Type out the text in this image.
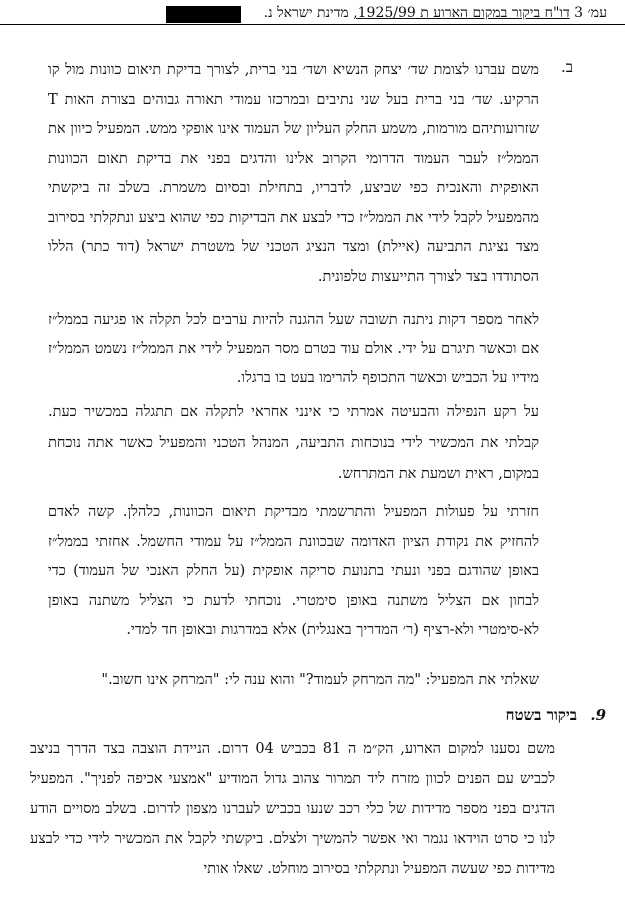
עמ׳ 3 דו"ח ביקור במקום הארוע ת 1925/99, מדינת ישראל נ.
ב.
משם עברנו לצומת שד׳ יצחק הנשיא ושד׳ בני ברית, לצורך בדיקת תיאום כוונות מול קו הרקיע. שד׳ בני ברית בעל שני נתיבים ובמרכזו עמודי תאורה גבוהים בצורת האות T שזרועותיהם מורמות, משמע החלק העליון של העמוד אינו אופקי ממש. המפעיל כיוון את הממל״ז לעבר העמוד הדרומי הקרוב אלינו והדגים בפני את בדיקת תאום הכוונות האופקית והאנכית כפי שביצע, לדבריו, בתחילת ובסיום משמרת. בשלב זה ביקשתי מהמפעיל לקבל לידי את הממל״ז כדי לבצע את הבדיקות כפי שהוא ביצע ונתקלתי בסירוב מצד נציגת התביעה (איילת) ומצד הנציג הטכני של משטרת ישראל (דוד כתר) הללו הסתודדו בצד לצורך התייעצות טלפונית.
לאחר מספר דקות ניתנה תשובה שעל ההגנה להיות ערבים לכל תקלה או פגיעה בממל״ז אם וכאשר תיגרם על ידי. אולם עוד בטרם מסר המפעיל לידי את הממל״ז נשמט הממל״ז מידיו על הכביש וכאשר התכופף להרימו בעט בו ברגלו.
על רקע הנפילה והבעיטה אמרתי כי אינני אחראי לתקלה אם תתגלה במכשיר כעת. קבלתי את המכשיר לידי בנוכחות התביעה, המנהל הטכני והמפעיל כאשר אתה נוכחת במקום, ראית ושמעת את המתרחש.
חזרתי על פעולות המפעיל והתרשמתי מבדיקת תיאום הכוונות, כלהלן. קשה לאדם להחזיק את נקודת הציון האדומה שבכוונת הממל״ז על עמודי החשמל. אחזתי בממל״ז באופן שהודגם בפני ונעתי בתנועת סריקה אופקית (על החלק האנכי של העמוד) כדי לבחון אם הצליל משתנה באופן סימטרי. נוכחתי לדעת כי הצליל משתנה באופן לא-סימטרי ולא-רציף (ר׳ המדריך באנגלית) אלא במדרגות ובאופן חד למדי.
שאלתי את המפעיל: "מה המרחק לעמוד?" והוא ענה לי: "המרחק אינו חשוב."
9.
ביקור בשטח
משם נסענו למקום הארוע, הק״מ ה 81 בכביש 04 דרום. הניידת הוצבה בצד הדרך בניצב לכביש עם הפנים לכוון מזרח ליד תמרור צהוב גדול המודיע "אמצעי אכיפה לפניך". המפעיל הדגים בפני מספר מדידות של כלי רכב שנעו בכביש לעברנו מצפון לדרום. בשלב מסויים הודע לנו כי סרט הוידאו נגמר ואי אפשר להמשיך ולצלם. ביקשתי לקבל את המכשיר לידי כדי לבצע מדידות כפי שעשה המפעיל ונתקלתי בסירוב מוחלט. שאלו אותי
